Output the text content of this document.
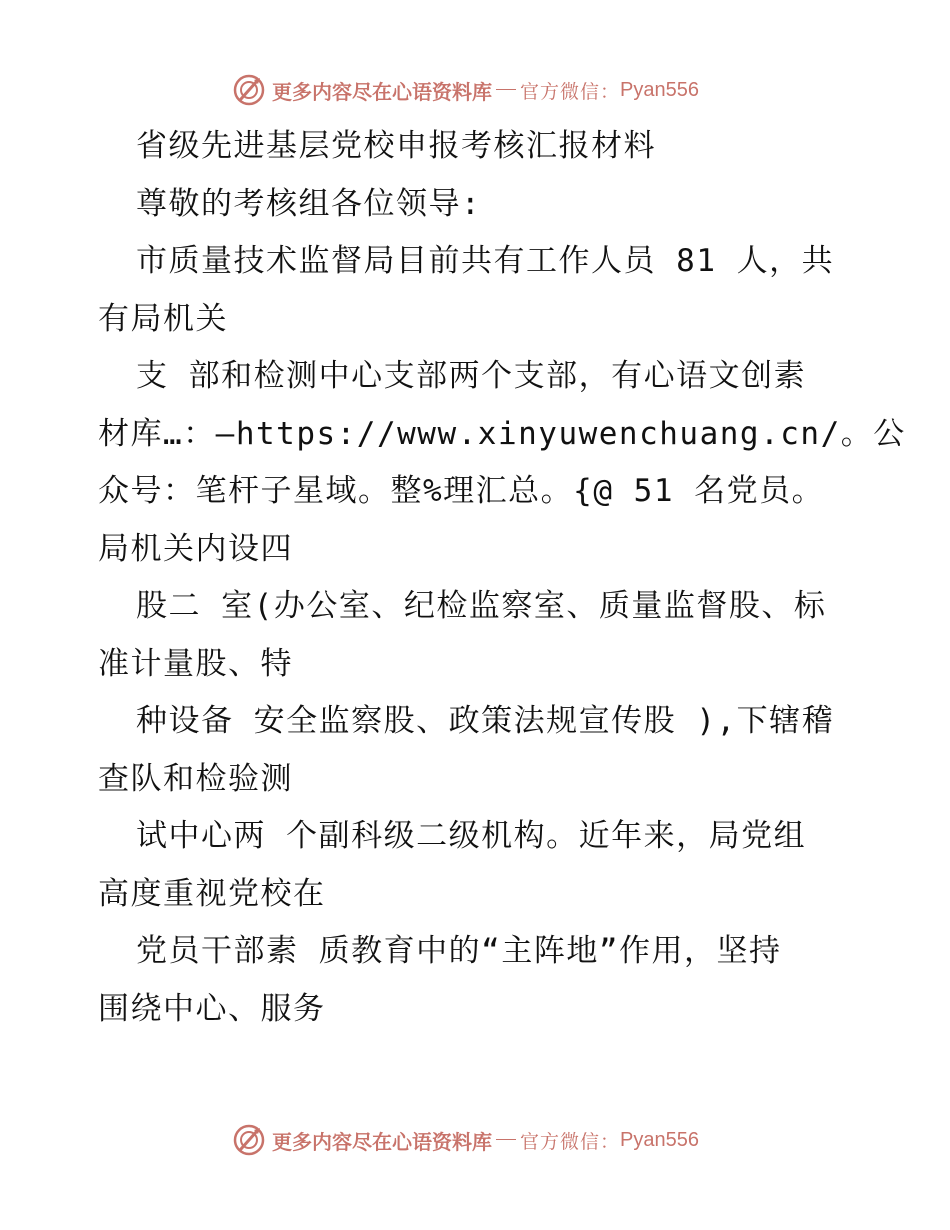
更多内容尽在心语资料库 官方微信： Pyan556
省级先进基层党校申报考核汇报材料
尊敬的考核组各位领导:
市质量技术监督局目前共有工作人员 81 人，共
有局机关
支 部和检测中心支部两个支部，有心语文创素
材库…：—https://www.xinyuwenchuang.cn/。公
众号：笔杆子星域。整%理汇总。{@ 51 名党员。
局机关内设四
股二 室(办公室、纪检监察室、质量监督股、标
准计量股、特
种设备 安全监察股、政策法规宣传股 ),下辖稽
查队和检验测
试中心两 个副科级二级机构。近年来，局党组
高度重视党校在
党员干部素 质教育中的“主阵地”作用，坚持
围绕中心、服务
更多内容尽在心语资料库 官方微信： Pyan556
